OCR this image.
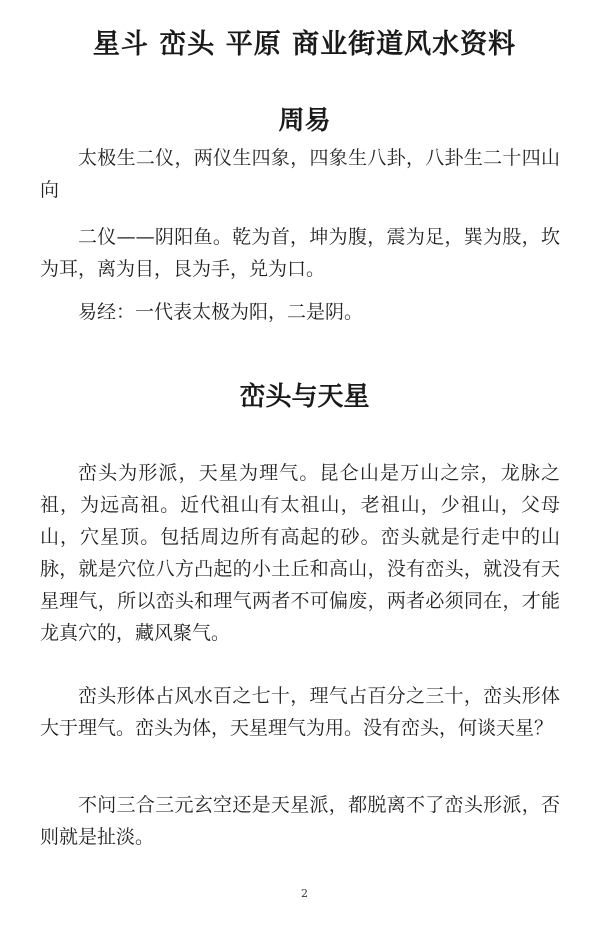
星斗 峦头 平原 商业街道风水资料
周易

太极生二仪，两仪生四象，四象生八卦，八卦生二十四山向

二仪——阴阳鱼。乾为首，坤为腹，震为足，巽为股，坎为耳，离为目，艮为手，兑为口。

易经：一代表太极为阳，二是阴。

峦头与天星

峦头为形派，天星为理气。昆仑山是万山之宗，龙脉之祖，为远高祖。近代祖山有太祖山，老祖山，少祖山，父母山，穴星顶。包括周边所有高起的砂。峦头就是行走中的山脉，就是穴位八方凸起的小土丘和高山，没有峦头，就没有天星理气，所以峦头和理气两者不可偏废，两者必须同在，才能龙真穴的，藏风聚气。

峦头形体占风水百之七十，理气占百分之三十，峦头形体大于理气。峦头为体，天星理气为用。没有峦头，何谈天星？

不问三合三元玄空还是天星派，都脱离不了峦头形派，否则就是扯淡。

2
